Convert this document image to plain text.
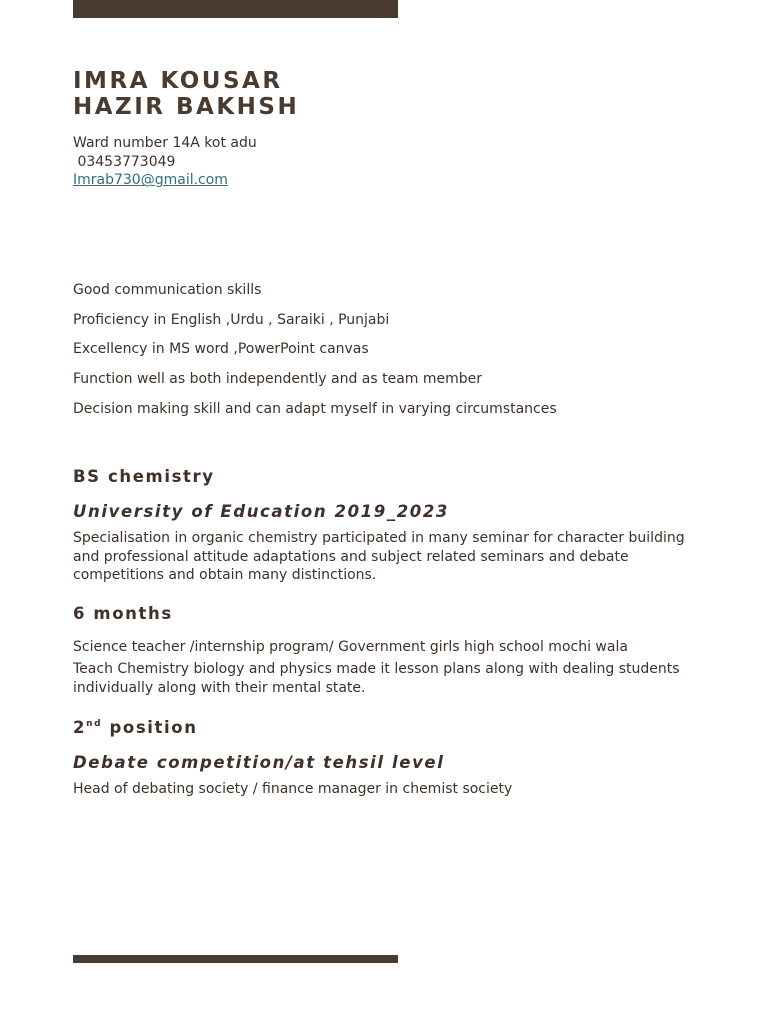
IMRA KOUSAR
HAZIR BAKHSH
Ward number 14A kot adu
03453773049
Imrab730@gmail.com
Good communication skills
Proficiency in English ,Urdu , Saraiki , Punjabi
Excellency in MS word ,PowerPoint canvas
Function well as both independently and as team member
Decision making skill and can adapt myself in varying circumstances
BS chemistry
University of Education 2019_2023
Specialisation in organic chemistry participated in many seminar for character building and professional attitude adaptations and subject related seminars and debate competitions and obtain many distinctions.
6 months
Science teacher /internship program/ Government girls high school mochi wala
Teach Chemistry biology and physics made it lesson plans along with dealing students individually along with their mental state.
2nd position
Debate competition/at tehsil level
Head of debating society / finance manager in chemist society
